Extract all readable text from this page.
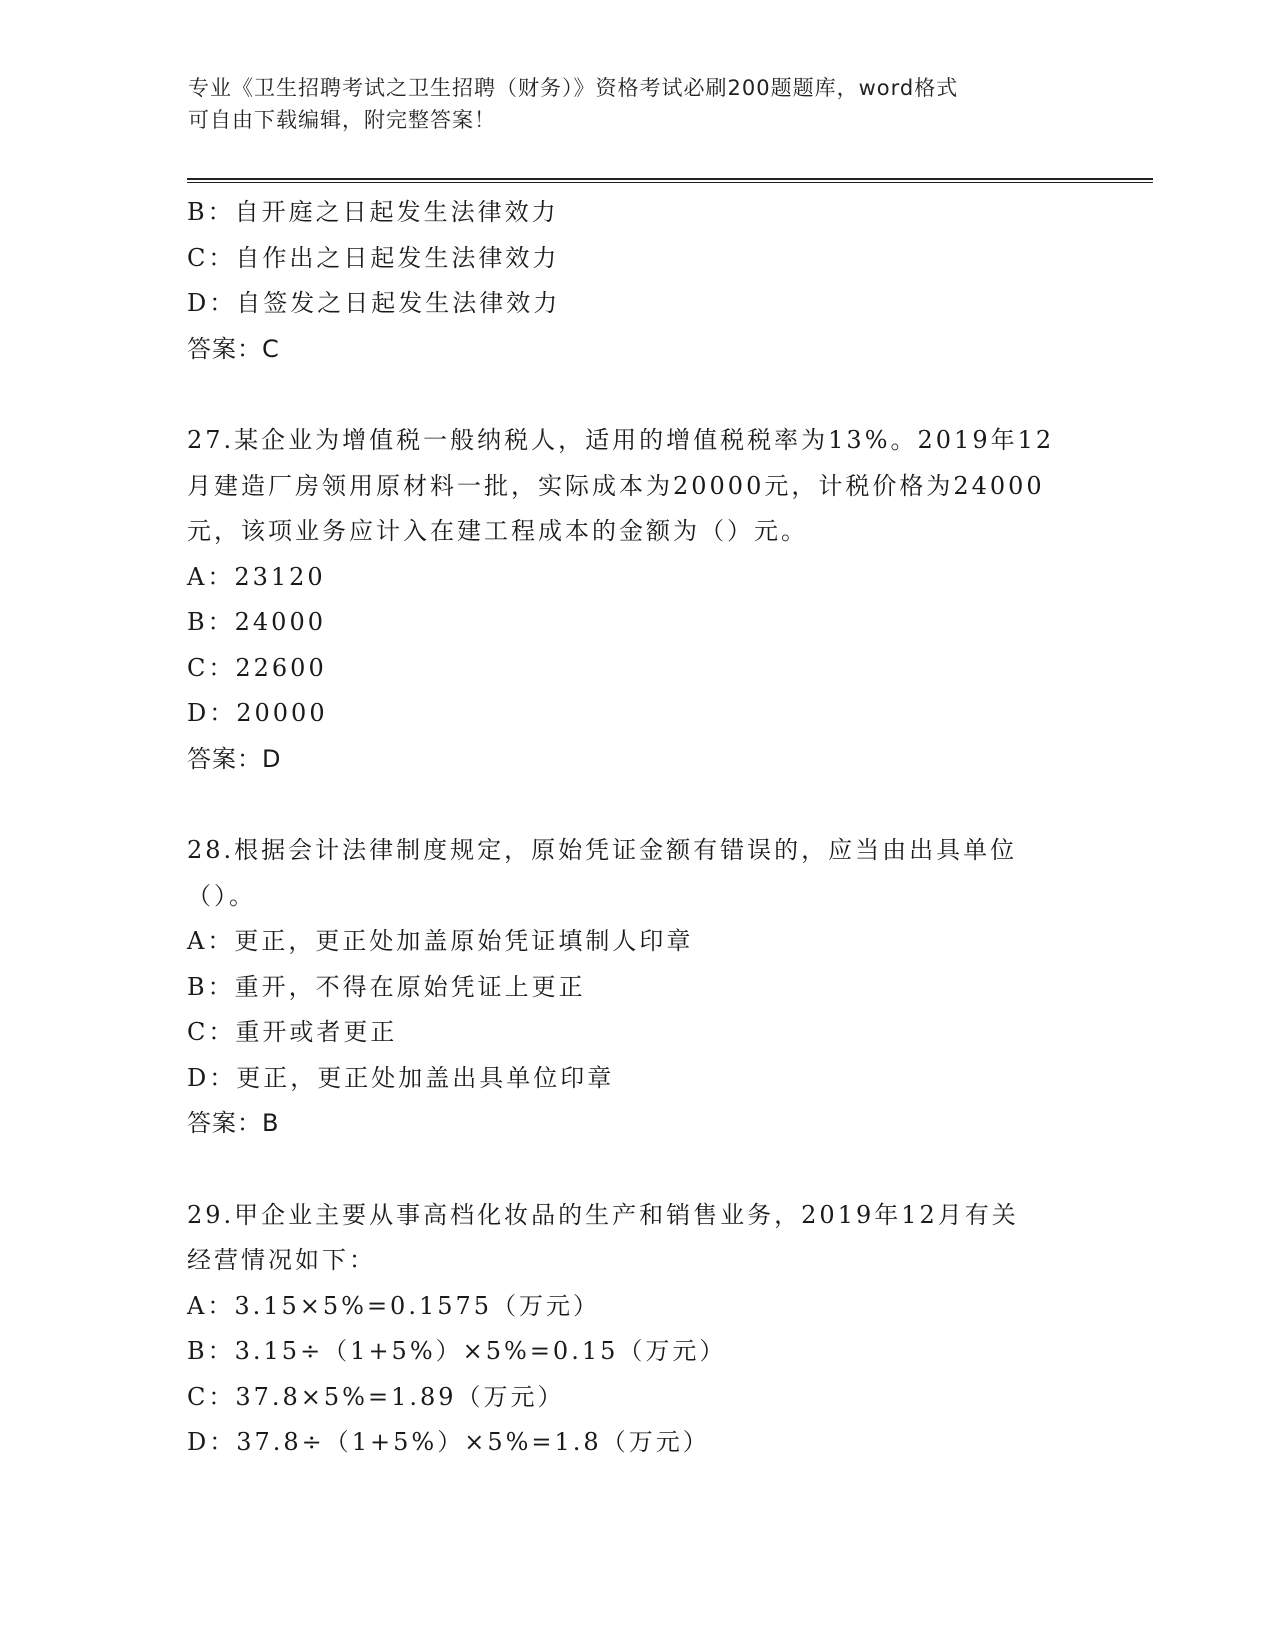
专业《卫生招聘考试之卫生招聘（财务）》资格考试必刷200题题库，word格式
可自由下载编辑，附完整答案！
B：自开庭之日起发生法律效力
C：自作出之日起发生法律效力
D：自签发之日起发生法律效力
答案：C
27.某企业为增值税一般纳税人，适用的增值税税率为13%。2019年12
月建造厂房领用原材料一批，实际成本为20000元，计税价格为24000
元，该项业务应计入在建工程成本的金额为（）元。
A：23120
B：24000
C：22600
D：20000
答案：D
28.根据会计法律制度规定，原始凭证金额有错误的，应当由出具单位
（）。
A：更正，更正处加盖原始凭证填制人印章
B：重开，不得在原始凭证上更正
C：重开或者更正
D：更正，更正处加盖出具单位印章
答案：B
29.甲企业主要从事高档化妆品的生产和销售业务，2019年12月有关
经营情况如下：
A：3.15×5%=0.1575（万元）
B：3.15÷（1+5%）×5%=0.15（万元）
C：37.8×5%=1.89（万元）
D：37.8÷（1+5%）×5%=1.8（万元）
